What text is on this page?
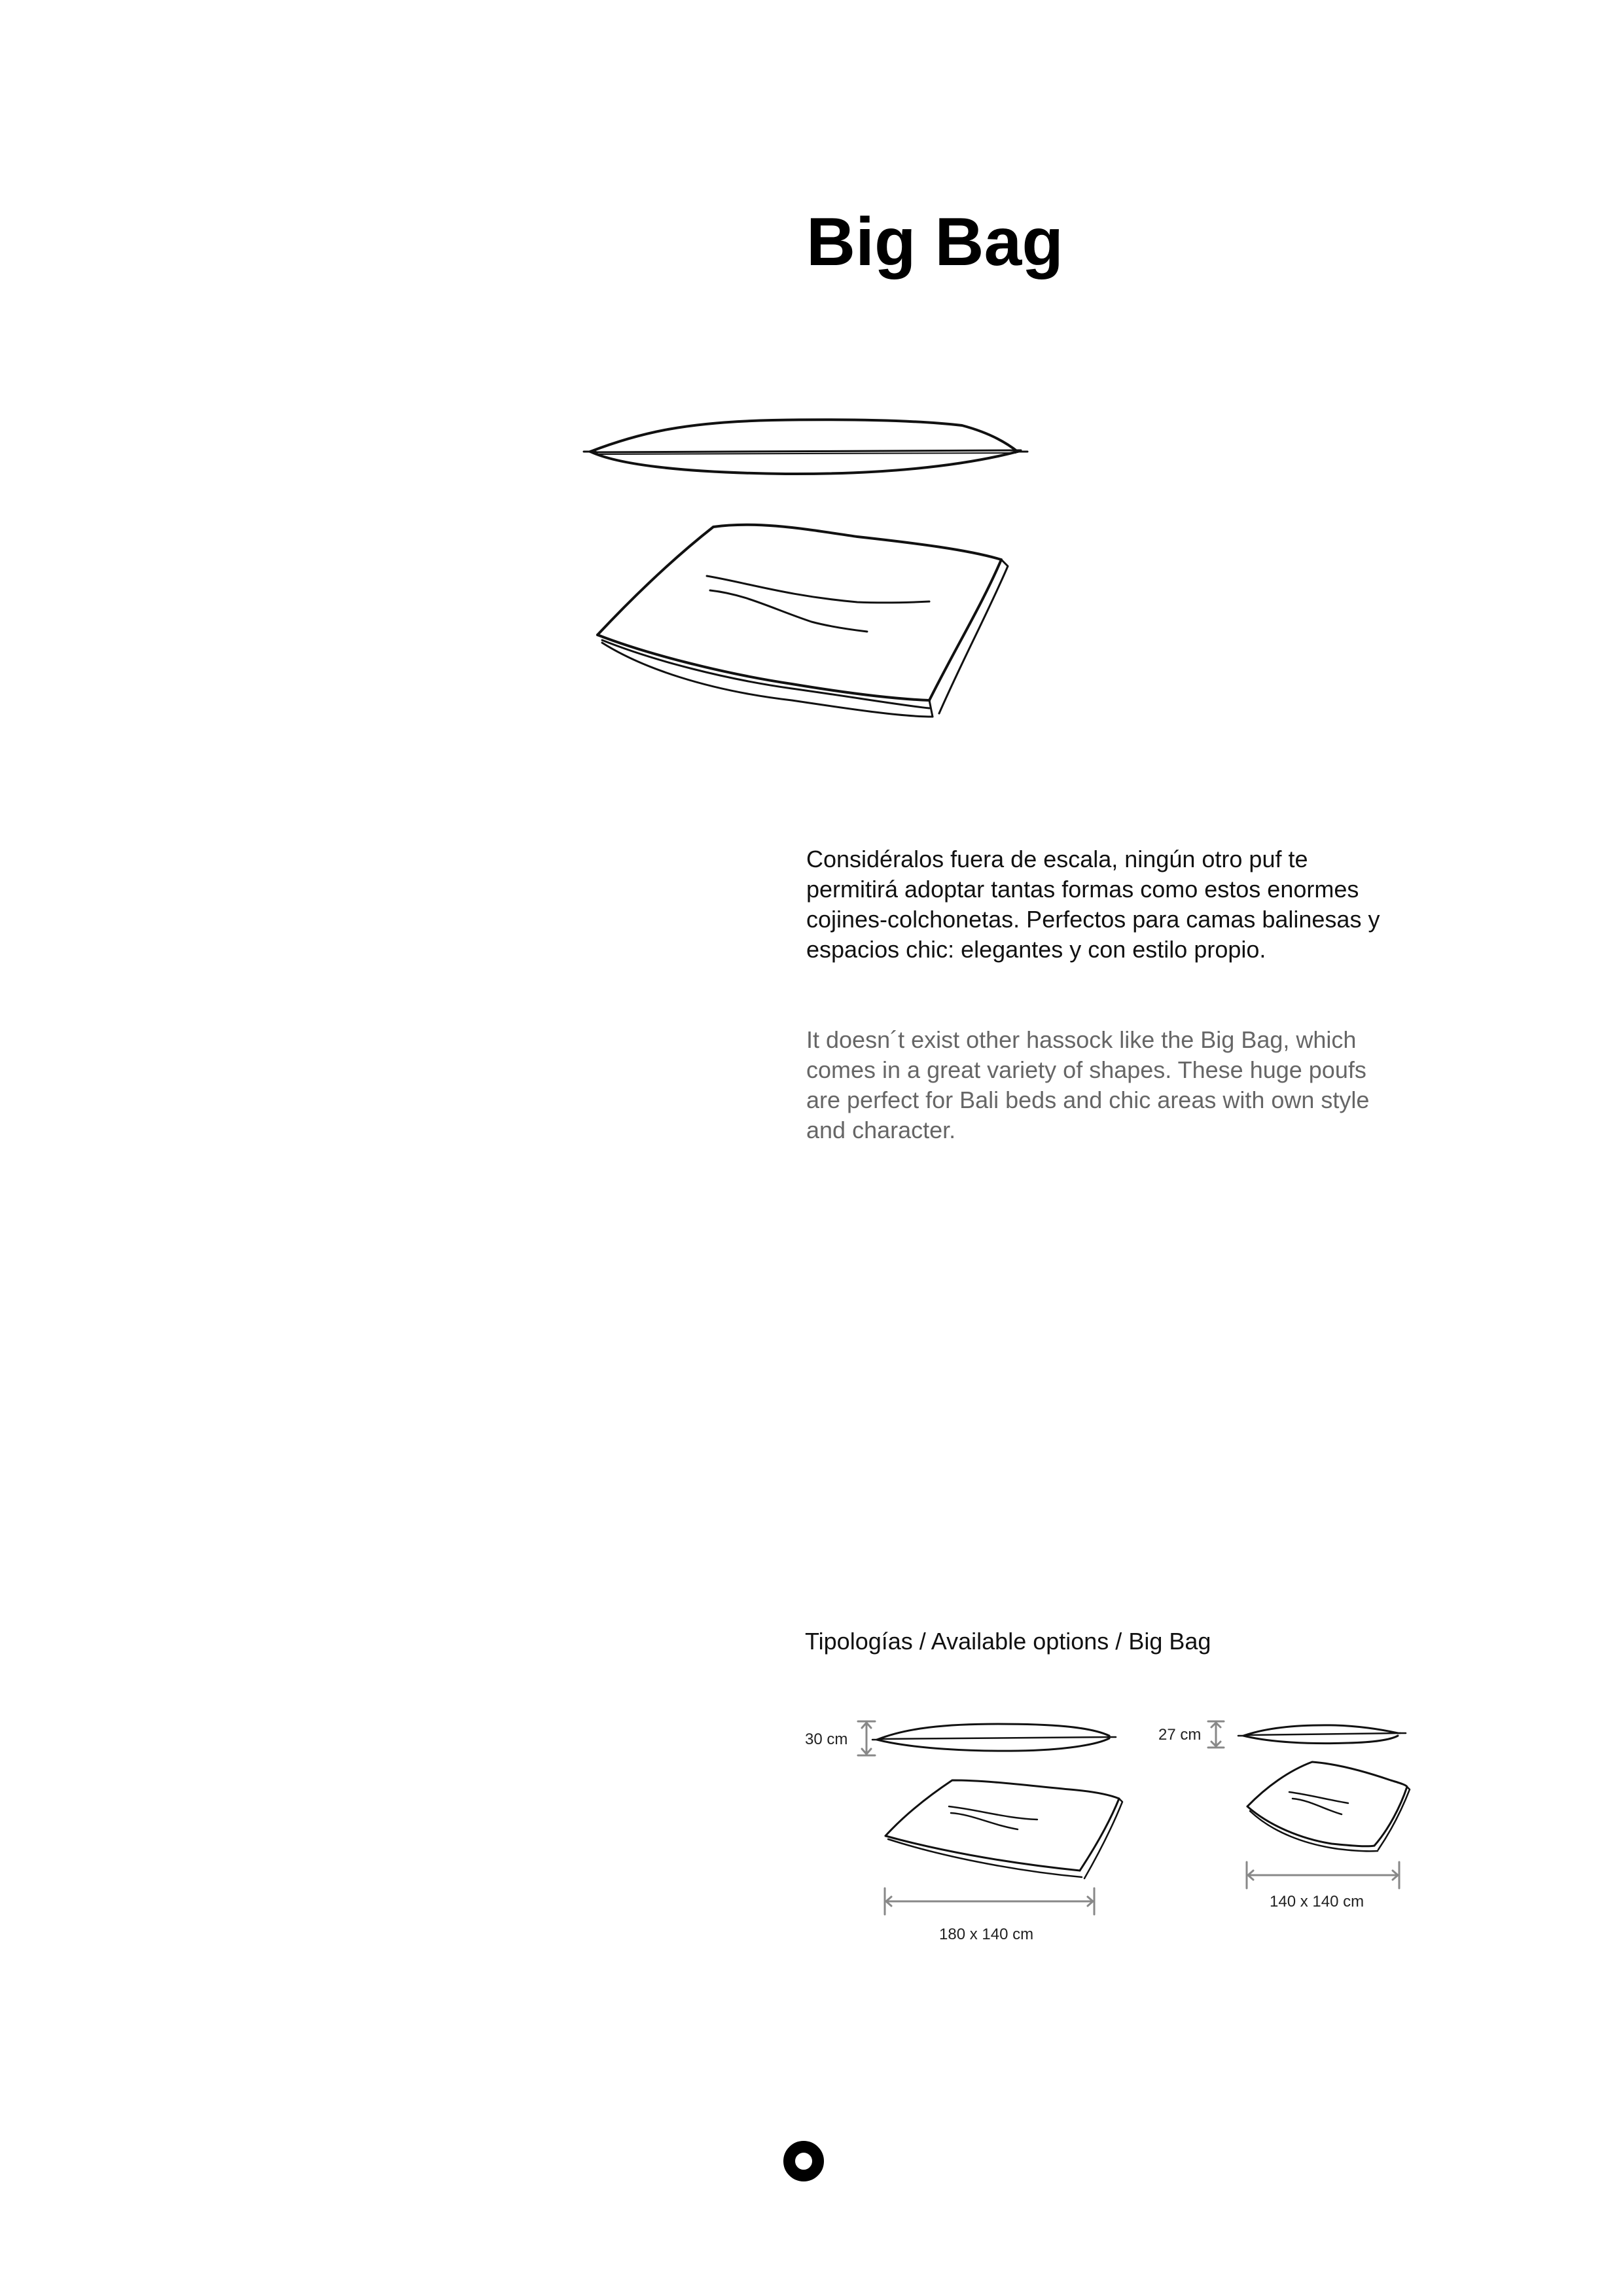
Big Bag

Considéralos fuera de escala, ningún otro puf te permitirá adoptar tantas formas como estos enormes cojines-colchonetas. Perfectos para camas balinesas y espacios chic: elegantes y con estilo propio.

It doesn´t exist other hassock like the Big Bag, which comes in a great variety of shapes. These huge poufs are perfect for Bali beds and chic areas with own style and character.

Tipologías / Available options / Big Bag

30 cm
180 x 140 cm
27 cm
140 x 140 cm
